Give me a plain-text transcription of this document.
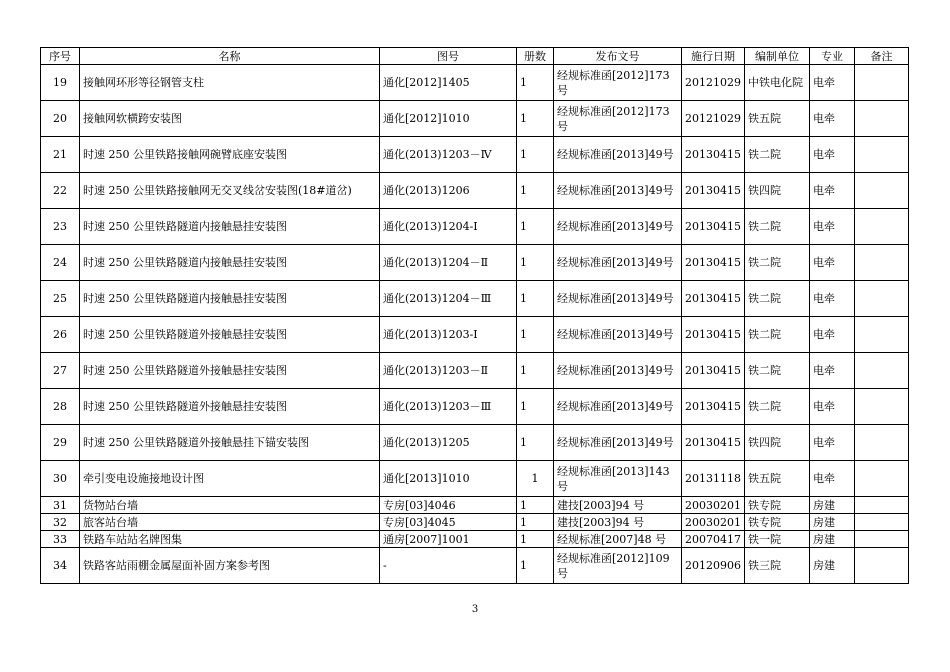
序号	名称	图号	册数	发布文号	施行日期	编制单位	专业	备注
19	接触网环形等径钢管支柱	通化[2012]1405	1	经规标准函[2012]173号	20121029	中铁电化院	电牵	
20	接触网软横跨安装图	通化[2012]1010	1	经规标准函[2012]173号	20121029	铁五院	电牵	
21	时速 250 公里铁路接触网碗臂底座安装图	通化(2013)1203－Ⅳ	1	经规标准函[2013]49号	20130415	铁二院	电牵	
22	时速 250 公里铁路接触网无交叉线岔安装图(18#道岔)	通化(2013)1206	1	经规标准函[2013]49号	20130415	铁四院	电牵	
23	时速 250 公里铁路隧道内接触悬挂安装图	通化(2013)1204-Ⅰ	1	经规标准函[2013]49号	20130415	铁二院	电牵	
24	时速 250 公里铁路隧道内接触悬挂安装图	通化(2013)1204－Ⅱ	1	经规标准函[2013]49号	20130415	铁二院	电牵	
25	时速 250 公里铁路隧道内接触悬挂安装图	通化(2013)1204－Ⅲ	1	经规标准函[2013]49号	20130415	铁二院	电牵	
26	时速 250 公里铁路隧道外接触悬挂安装图	通化(2013)1203-Ⅰ	1	经规标准函[2013]49号	20130415	铁二院	电牵	
27	时速 250 公里铁路隧道外接触悬挂安装图	通化(2013)1203－Ⅱ	1	经规标准函[2013]49号	20130415	铁二院	电牵	
28	时速 250 公里铁路隧道外接触悬挂安装图	通化(2013)1203－Ⅲ	1	经规标准函[2013]49号	20130415	铁二院	电牵	
29	时速 250 公里铁路隧道外接触悬挂下锚安装图	通化(2013)1205	1	经规标准函[2013]49号	20130415	铁四院	电牵	
30	牵引变电设施接地设计图	通化[2013]1010	1	经规标准函[2013]143号	20131118	铁五院	电牵	
31	货物站台墙	专房[03]4046	1	建技[2003]94 号	20030201	铁专院	房建	
32	旅客站台墙	专房[03]4045	1	建技[2003]94 号	20030201	铁专院	房建	
33	铁路车站站名牌图集	通房[2007]1001	1	经规标准[2007]48 号	20070417	铁一院	房建	
34	铁路客站雨棚金属屋面补固方案参考图	-	1	经规标准函[2012]109号	20120906	铁三院	房建	
3
